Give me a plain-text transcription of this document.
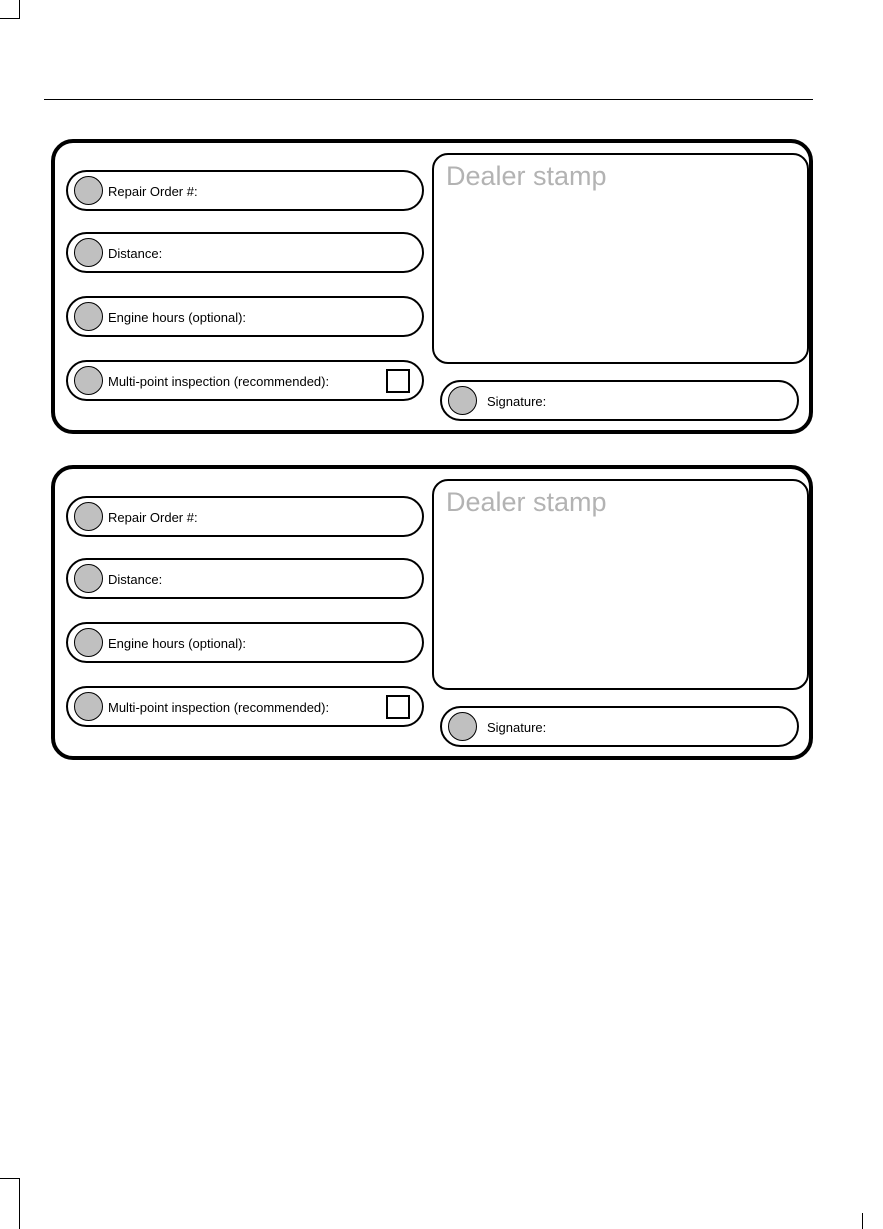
Repair Order #:
Distance:
Engine hours (optional):
Multi-point inspection (recommended):
Dealer stamp
Signature:
Repair Order #:
Distance:
Engine hours (optional):
Multi-point inspection (recommended):
Dealer stamp
Signature:
